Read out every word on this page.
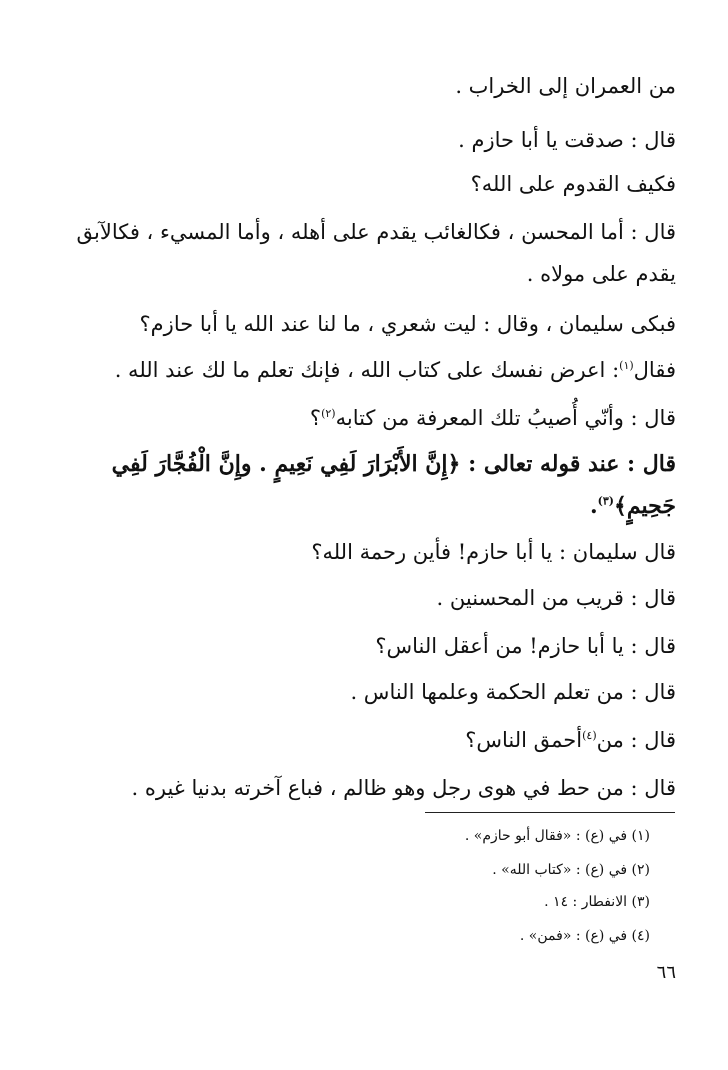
من العمران إلى الخراب .
قال : صدقت يا أبا حازم .
فكيف القدوم على الله؟
قال : أما المحسن ، فكالغائب يقدم على أهله ، وأما المسيء ، فكالآبق
يقدم على مولاه .
فبكى سليمان ، وقال : ليت شعري ، ما لنا عند الله يا أبا حازم؟
فقال$^{(١)}$: اعرض نفسك على كتاب الله ، فإنك تعلم ما لك عند الله .
قال : وأنّي أُصيبُ تلك المعرفة من كتابه$^{(٢)}$؟
قال : عند قوله تعالى : ﴿إِنَّ الأَبْرَارَ لَفِي نَعِيمٍ . وإِنَّ الْفُجَّارَ لَفِي
جَحِيمٍ﴾$^{(٣)}$.
قال سليمان : يا أبا حازم! فأين رحمة الله؟
قال : قريب من المحسنين .
قال : يا أبا حازم! من أعقل الناس؟
قال : من تعلم الحكمة وعلمها الناس .
قال : من$^{(٤)}$أحمق الناس؟
قال : من حط في هوى رجل وهو ظالم ، فباع آخرته بدنيا غيره .
(١) في (ع) : «فقال أبو حازم» .
(٢) في (ع) : «كتاب الله» .
(٣) الانفطار : ١٤ .
(٤) في (ع) : «فمن» .
٦٦
